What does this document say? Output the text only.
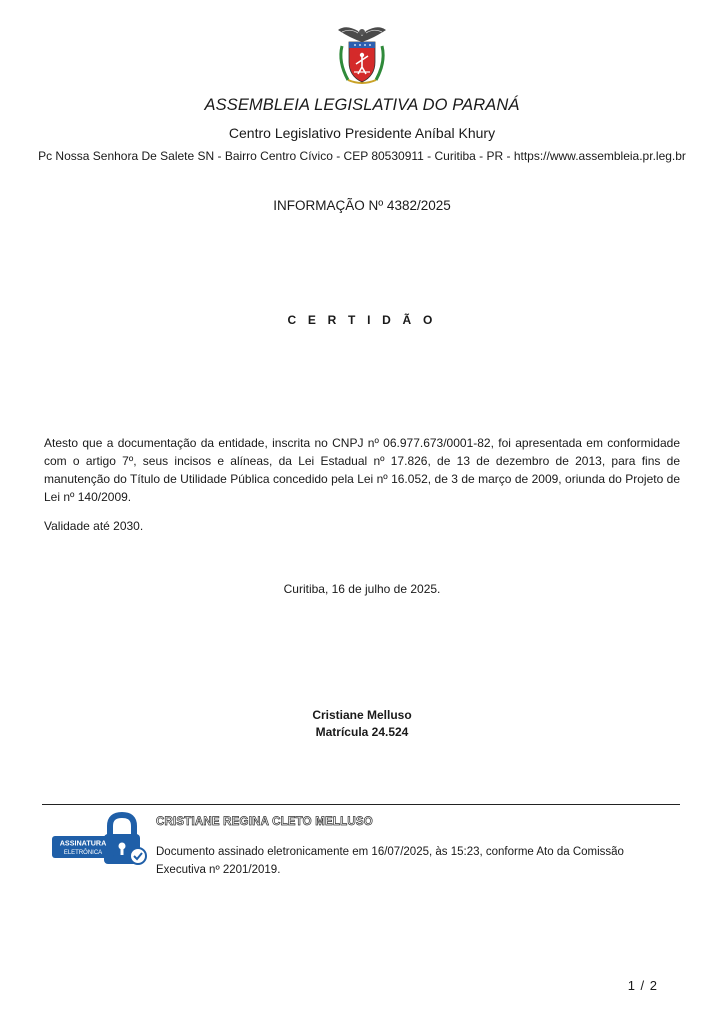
ASSEMBLEIA LEGISLATIVA DO PARANÁ
Centro Legislativo Presidente Aníbal Khury
Pc Nossa Senhora De Salete SN - Bairro Centro Cívico - CEP 80530911 - Curitiba - PR - https://www.assembleia.pr.leg.br
INFORMAÇÃO Nº 4382/2025
C E R T I D Ã O

Atesto que a documentação da entidade, inscrita no CNPJ nº 06.977.673/0001-82, foi apresentada em conformidade com o artigo 7º, seus incisos e alíneas, da Lei Estadual nº 17.826, de 13 de dezembro de 2013, para fins de manutenção do Título de Utilidade Pública concedido pela Lei nº 16.052, de 3 de março de 2009, oriunda do Projeto de Lei nº 140/2009.

Validade até 2030.
Curitiba, 16 de julho de 2025.
Cristiane Melluso
Matrícula 24.524
ASSINATURA
ELETRÔNICA
CRISTIANE REGINA CLETO MELLUSO
Documento assinado eletronicamente em 16/07/2025, às 15:23, conforme Ato da Comissão Executiva nº 2201/2019.
1 / 2
